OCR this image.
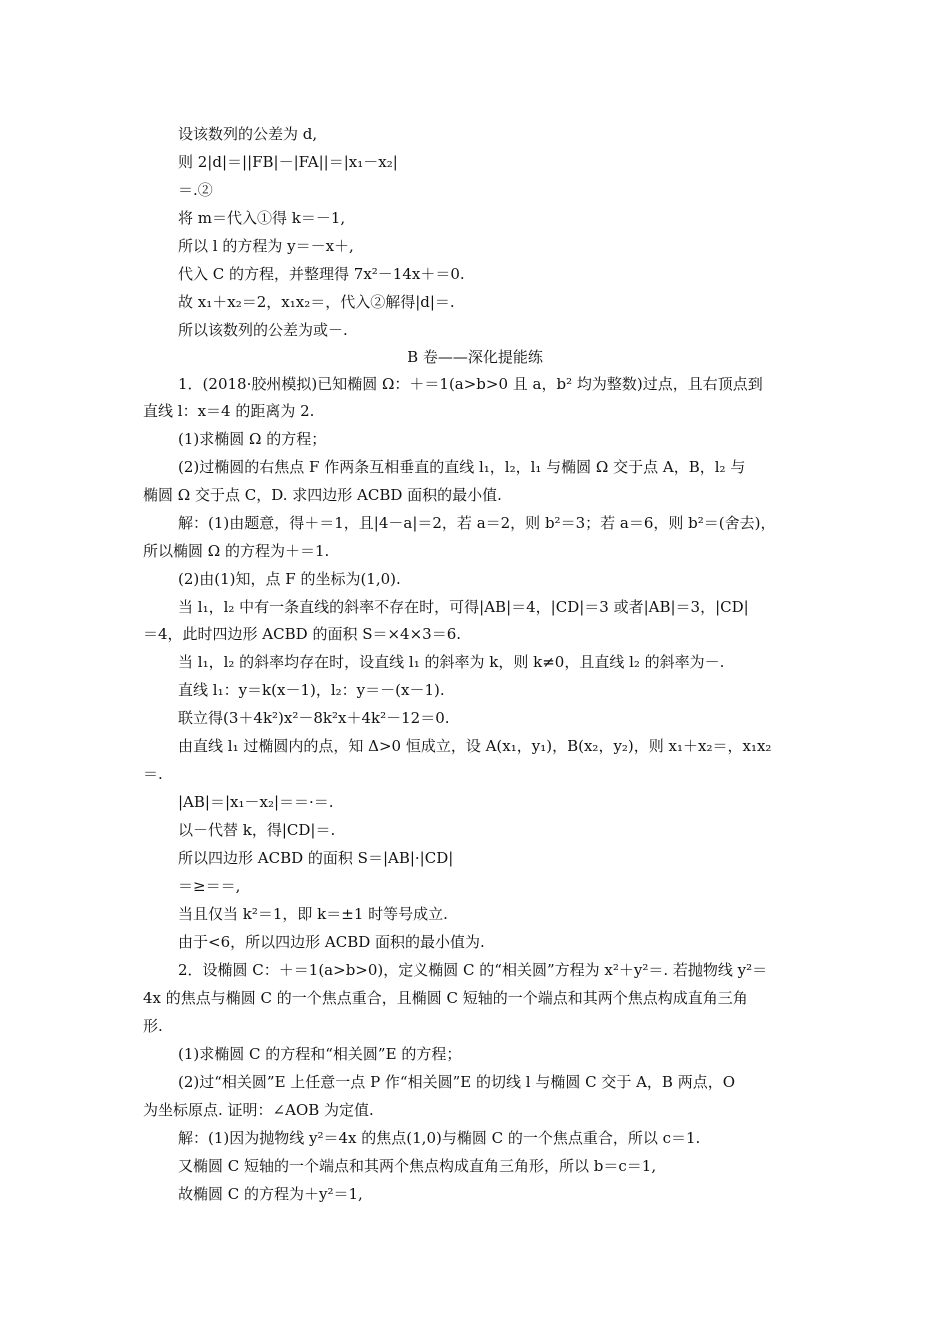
设该数列的公差为 d,
则 2|d|＝||FB|－|FA||＝|x₁－x₂|
＝.②
将 m＝代入①得 k＝－1,
所以 l 的方程为 y＝－x＋,
代入 C 的方程，并整理得 7x²－14x＋＝0.
故 x₁＋x₂＝2，x₁x₂＝，代入②解得|d|＝.
所以该数列的公差为或－.
B 卷——深化提能练
1．(2018·胶州模拟)已知椭圆 Ω：＋＝1(a>b>0 且 a，b² 均为整数)过点，且右顶点到
直线 l：x＝4 的距离为 2.
(1)求椭圆 Ω 的方程；
(2)过椭圆的右焦点 F 作两条互相垂直的直线 l₁，l₂，l₁ 与椭圆 Ω 交于点 A，B，l₂ 与
椭圆 Ω 交于点 C，D. 求四边形 ACBD 面积的最小值.
解：(1)由题意，得＋＝1，且|4－a|＝2，若 a＝2，则 b²＝3；若 a＝6，则 b²＝(舍去)，
所以椭圆 Ω 的方程为＋＝1.
(2)由(1)知，点 F 的坐标为(1,0).
当 l₁，l₂ 中有一条直线的斜率不存在时，可得|AB|＝4，|CD|＝3 或者|AB|＝3，|CD|
＝4，此时四边形 ACBD 的面积 S＝×4×3＝6.
当 l₁，l₂ 的斜率均存在时，设直线 l₁ 的斜率为 k，则 k≠0，且直线 l₂ 的斜率为－.
直线 l₁：y＝k(x－1)，l₂：y＝－(x－1).
联立得(3＋4k²)x²－8k²x＋4k²－12＝0.
由直线 l₁ 过椭圆内的点，知 Δ>0 恒成立，设 A(x₁，y₁)，B(x₂，y₂)，则 x₁＋x₂＝，x₁x₂
＝.
|AB|＝|x₁－x₂|＝＝·＝.
以－代替 k，得|CD|＝.
所以四边形 ACBD 的面积 S＝|AB|·|CD|
＝≥＝＝,
当且仅当 k²＝1，即 k＝±1 时等号成立.
由于<6，所以四边形 ACBD 面积的最小值为.
2．设椭圆 C：＋＝1(a>b>0)，定义椭圆 C 的“相关圆”方程为 x²＋y²＝. 若抛物线 y²＝
4x 的焦点与椭圆 C 的一个焦点重合，且椭圆 C 短轴的一个端点和其两个焦点构成直角三角
形.
(1)求椭圆 C 的方程和“相关圆”E 的方程；
(2)过“相关圆”E 上任意一点 P 作“相关圆”E 的切线 l 与椭圆 C 交于 A，B 两点，O
为坐标原点. 证明：∠AOB 为定值.
解：(1)因为抛物线 y²＝4x 的焦点(1,0)与椭圆 C 的一个焦点重合，所以 c＝1.
又椭圆 C 短轴的一个端点和其两个焦点构成直角三角形，所以 b＝c＝1,
故椭圆 C 的方程为＋y²＝1,
